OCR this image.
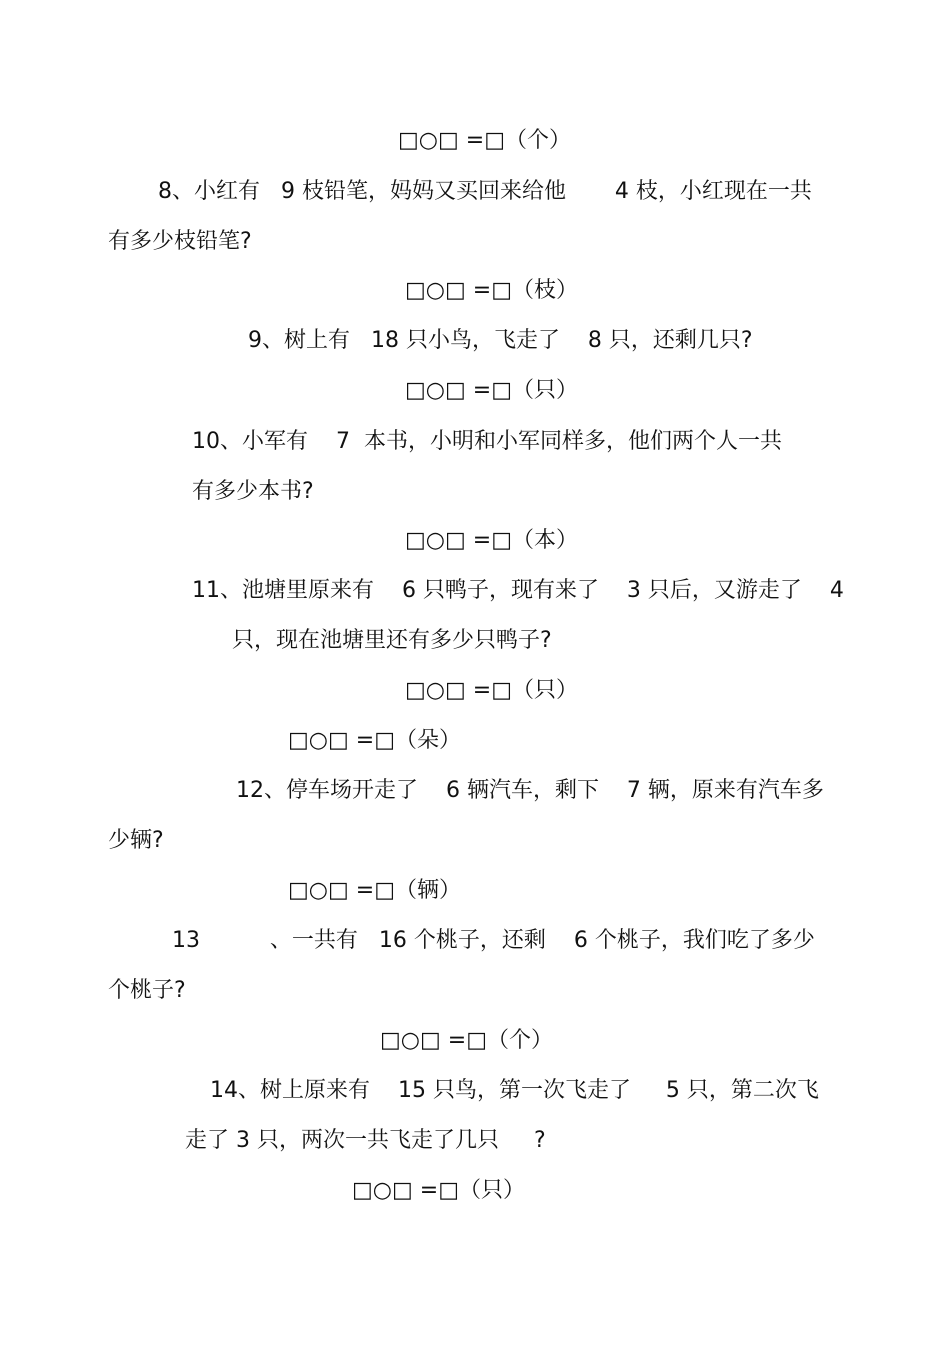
□○□ =□（个）
8、小红有   9 枝铅笔，妈妈又买回来给他       4 枝，小红现在一共
有多少枝铅笔?
□○□ =□（枝）
9、树上有   18 只小鸟，飞走了    8 只，还剩几只?
□○□ =□（只）
10、小军有    7  本书，小明和小军同样多，他们两个人一共
有多少本书?
□○□ =□（本）
11、池塘里原来有    6 只鸭子，现有来了    3 只后，又游走了    4
只，现在池塘里还有多少只鸭子?
□○□ =□（只）
□○□ =□（朵）
12、停车场开走了    6 辆汽车，剩下    7 辆，原来有汽车多
少辆?
□○□ =□（辆）
13          、一共有   16 个桃子，还剩    6 个桃子，我们吃了多少
个桃子?
□○□ =□（个）
14、树上原来有    15 只鸟，第一次飞走了     5 只，第二次飞
走了 3 只，两次一共飞走了几只     ?
□○□ =□（只）
